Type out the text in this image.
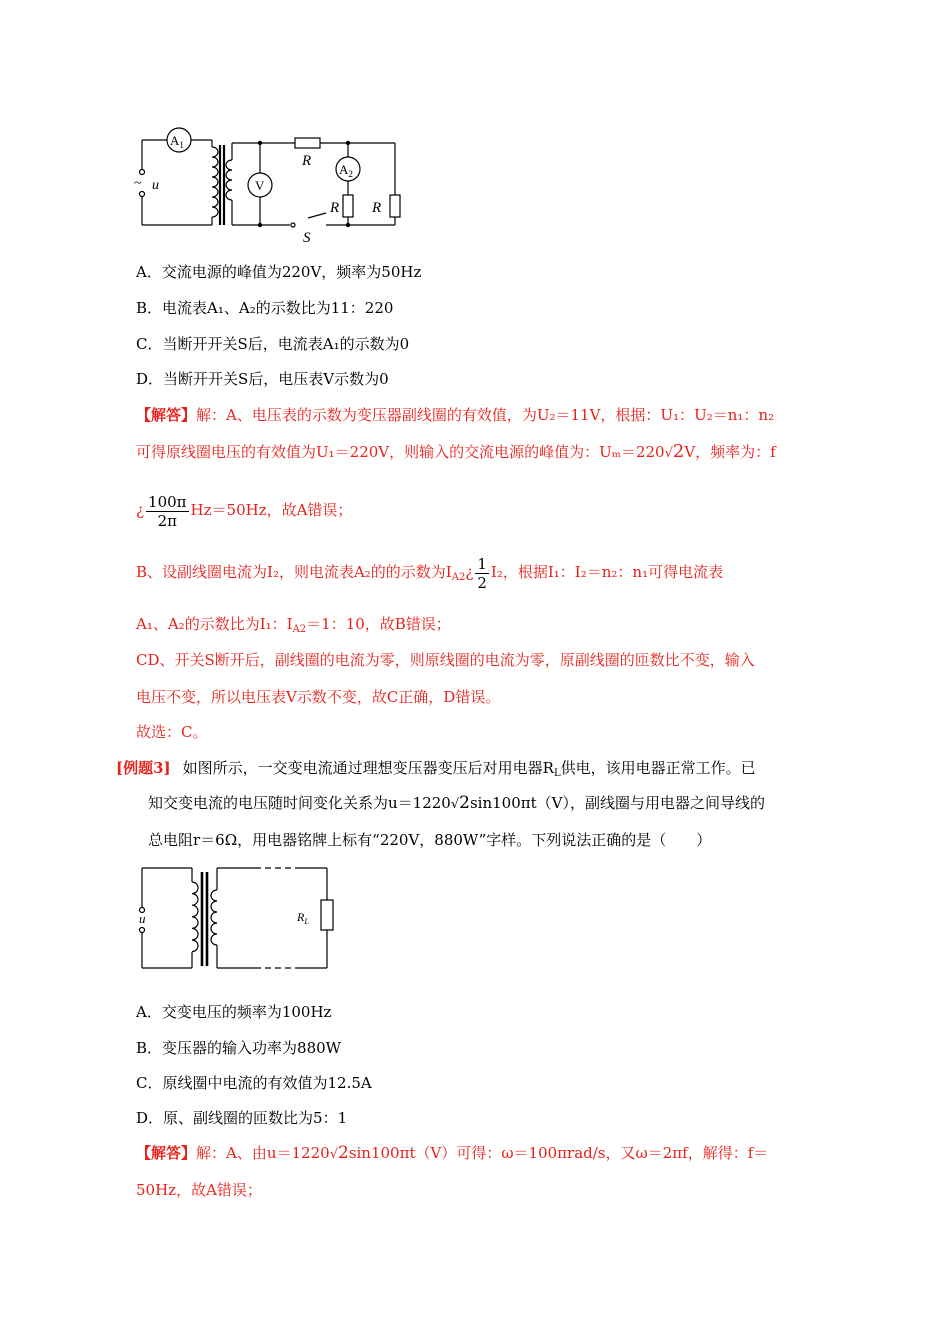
$A_1$
$A_2$
~ u	V
R
R R
S
A．交流电源的峰值为220V，频率为50Hz
B．电流表A₁、A₂的示数比为11：220
C．当断开开关S后，电流表A₁的示数为0
D．当断开开关S后，电压表V示数为0
【解答】解：A、电压表的示数为变压器副线圈的有效值，为U₂＝11V，根据：U₁：U₂＝n₁：n₂
可得原线圈电压的有效值为U₁＝220V，则输入的交流电源的峰值为：Uₘ＝220√2V，频率为：f
¿ $\frac{100\pi}{2\pi} Hz=50Hz$，故A错误；
B、设副线圈电流为I₂，则电流表A₂的的示数为$I_{A2}¿ \frac{1}{2} I_2$，根据I₁：I₂＝n₂：n₁可得电流表
A₁、A₂的示数比为I₁：$I_{A2}=1$：10，故B错误；
CD、开关S断开后，副线圈的电流为零，则原线圈的电流为零，原副线圈的匝数比不变，输入
电压不变，所以电压表V示数不变，故C正确，D错误。
故选：C。
[例题3] 如图所示，一交变电流通过理想变压器变压后对用电器$R_L$供电，该用电器正常工作。已
知交变电流的电压随时间变化关系为u＝1220√2sin100πt（V），副线圈与用电器之间导线的
总电阻r＝6Ω，用电器铭牌上标有“220V，880W”字样。下列说法正确的是（　　）
u	$R_L$
A．交变电压的频率为100Hz
B．变压器的输入功率为880W
C．原线圈中电流的有效值为12.5A
D．原、副线圈的匝数比为5：1
【解答】解：A、由u＝1220√2sin100πt（V）可得：ω＝100πrad/s，又ω＝2πf，解得：f＝
50Hz，故A错误；
